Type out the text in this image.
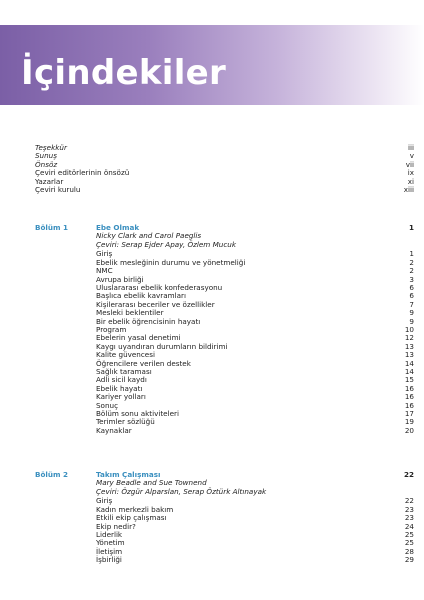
İçindekiler
Teşekkür	iii
Sunuş	v
Önsöz	vii
Çeviri editörlerinin önsözü	ix
Yazarlar	xi
Çeviri kurulu	xiii
Bölüm 1	Ebe Olmak	1
Nicky Clark and Carol Paeglis
Çeviri: Serap Ejder Apay, Özlem Mucuk
Giriş	1
Ebelik mesleğinin durumu ve yönetmeliği	2
NMC	2
Avrupa birliği	3
Uluslararası ebelik konfederasyonu	6
Başlıca ebelik kavramları	6
Kişilerarası beceriler ve özellikler	7
Mesleki beklentiler	9
Bir ebelik öğrencisinin hayatı	9
Program	10
Ebelerin yasal denetimi	12
Kaygı uyandıran durumların bildirimi	13
Kalite güvencesi	13
Öğrencilere verilen destek	14
Sağlık taraması	14
Adli sicil kaydı	15
Ebelik hayatı	16
Kariyer yolları	16
Sonuç	16
Bölüm sonu aktiviteleri	17
Terimler sözlüğü	19
Kaynaklar	20
Bölüm 2	Takım Çalışması	22
Mary Beadle and Sue Townend
Çeviri: Özgür Alparslan, Serap Öztürk Altınayak
Giriş	22
Kadın merkezli bakım	23
Etkili ekip çalışması	23
Ekip nedir?	24
Liderlik	25
Yönetim	25
İletişim	28
İşbirliği	29
